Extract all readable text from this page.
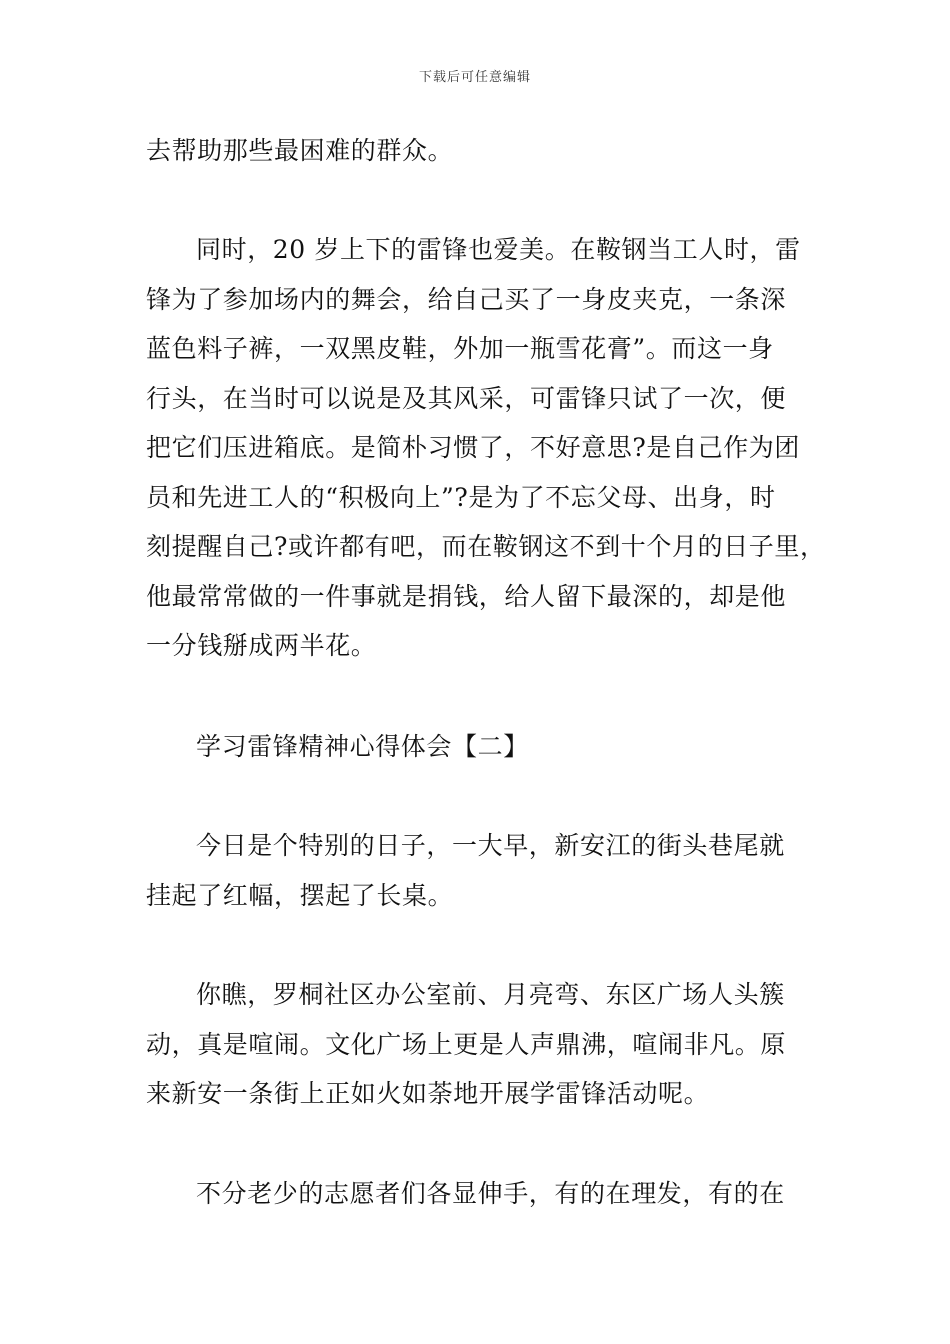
下载后可任意编辑
去帮助那些最困难的群众。
同时，20 岁上下的雷锋也爱美。在鞍钢当工人时，雷
锋为了参加场内的舞会，给自己买了一身皮夹克，一条深
蓝色料子裤，一双黑皮鞋，外加一瓶雪花膏”。而这一身
行头，在当时可以说是及其风采，可雷锋只试了一次，便
把它们压进箱底。是简朴习惯了，不好意思?是自己作为团
员和先进工人的“积极向上”?是为了不忘父母、出身，时
刻提醒自己?或许都有吧，而在鞍钢这不到十个月的日子里，
他最常常做的一件事就是捐钱，给人留下最深的，却是他
一分钱掰成两半花。
学习雷锋精神心得体会【二】
今日是个特别的日子，一大早，新安江的街头巷尾就
挂起了红幅，摆起了长桌。
你瞧，罗桐社区办公室前、月亮弯、东区广场人头簇
动，真是喧闹。文化广场上更是人声鼎沸，喧闹非凡。原
来新安一条街上正如火如荼地开展学雷锋活动呢。
不分老少的志愿者们各显伸手，有的在理发，有的在
